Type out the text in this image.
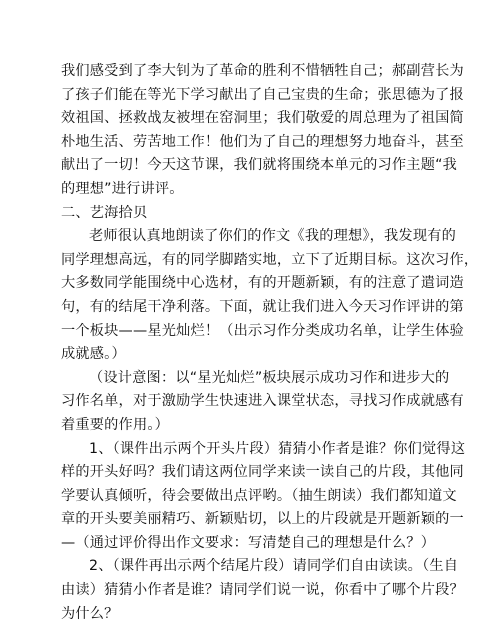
我们感受到了李大钊为了革命的胜利不惜牺牲自己；郝副营长为
了孩子们能在等光下学习献出了自己宝贵的生命；张思德为了报
效祖国、拯救战友被埋在窑洞里；我们敬爱的周总理为了祖国简
朴地生活、劳苦地工作！他们为了自己的理想努力地奋斗，甚至
献出了一切！今天这节课，我们就将围绕本单元的习作主题“我
的理想”进行讲评。
二、艺海拾贝
老师很认真地朗读了你们的作文《我的理想》，我发现有的
同学理想高远，有的同学脚踏实地，立下了近期目标。这次习作，
大多数同学能围绕中心选材，有的开题新颖，有的注意了遣词造
句，有的结尾干净利落。下面，就让我们进入今天习作评讲的第
一个板块——星光灿烂！（出示习作分类成功名单，让学生体验
成就感。）
（设计意图：以“星光灿烂”板块展示成功习作和进步大的
习作名单，对于激励学生快速进入课堂状态，寻找习作成就感有
着重要的作用。）
1、（课件出示两个开头片段）猜猜小作者是谁？你们觉得这
样的开头好吗？我们请这两位同学来读一读自己的片段，其他同
学要认真倾听，待会要做出点评哟。（抽生朗读）我们都知道文
章的开头要美丽精巧、新颖贴切，以上的片段就是开题新颖的一
—（通过评价得出作文要求：写清楚自己的理想是什么？）
2、（课件再出示两个结尾片段）请同学们自由读读。（生自
由读）猜猜小作者是谁？请同学们说一说，你看中了哪个片段？
为什么？
